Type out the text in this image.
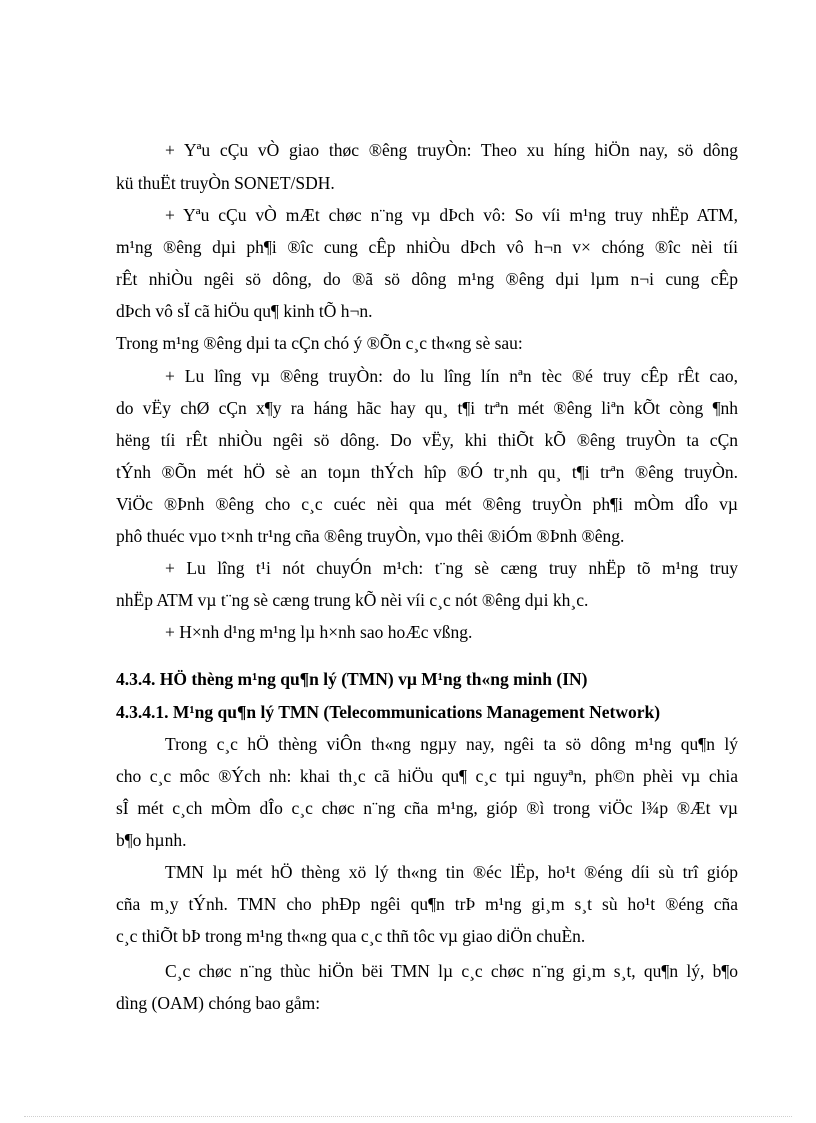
+ Yªu cÇu vÒ giao thøc ®êng truyÒn: Theo xu híng hiÖn nay, sö dông
kü thuËt truyÒn SONET/SDH.
+ Yªu cÇu vÒ mÆt chøc n¨ng vµ dÞch vô: So víi m¹ng truy nhËp ATM,
m¹ng ®êng dµi ph¶i ®îc cung cÊp nhiÒu dÞch vô h¬n v× chóng ®îc nèi tíi
rÊt nhiÒu ngêi sö dông, do ®ã sö dông m¹ng ®êng dµi lµm n¬i cung cÊp
dÞch vô sÏ cã hiÖu qu¶ kinh tÕ h¬n.
Trong m¹ng ®êng dµi ta cÇn chó ý ®Õn c¸c th«ng sè sau:
+ Lu lîng vµ ®êng truyÒn: do lu lîng lín nªn tèc ®é truy cÊp rÊt cao,
do vËy chØ cÇn x¶y ra háng hãc hay qu¸ t¶i trªn mét ®êng liªn kÕt còng ¶nh
hëng tíi rÊt nhiÒu ngêi sö dông. Do vËy, khi thiÕt kÕ ®êng truyÒn ta cÇn
tÝnh ®Õn mét hÖ sè an toµn thÝch hîp ®Ó tr¸nh qu¸ t¶i trªn ®êng truyÒn.
ViÖc ®Þnh ®êng cho c¸c cuéc nèi qua mét ®êng truyÒn ph¶i mÒm dÎo vµ
phô thuéc vµo t×nh tr¹ng cña ®êng truyÒn, vµo thêi ®iÓm ®Þnh ®êng.
+ Lu lîng t¹i nót chuyÓn m¹ch: t¨ng sè cæng truy nhËp tõ m¹ng truy
nhËp ATM vµ t¨ng sè cæng trung kÕ nèi víi c¸c nót ®êng dµi kh¸c.
+ H×nh d¹ng m¹ng lµ h×nh sao hoÆc vßng.
4.3.4. HÖ thèng m¹ng qu¶n lý (TMN) vµ M¹ng th«ng minh (IN)
4.3.4.1. M¹ng qu¶n lý TMN (Telecommunications Management Network)
Trong c¸c hÖ thèng viÔn th«ng ngµy nay, ngêi ta sö dông m¹ng qu¶n lý
cho c¸c môc ®Ých nh: khai th¸c cã hiÖu qu¶ c¸c tµi nguyªn, ph©n phèi vµ chia
sÎ mét c¸ch mÒm dÎo c¸c chøc n¨ng cña m¹ng, gióp ®ì trong viÖc l¾p ®Æt vµ
b¶o hµnh.
TMN lµ mét hÖ thèng xö lý th«ng tin ®éc lËp, ho¹t ®éng díi sù trî gióp
cña m¸y tÝnh. TMN cho phÐp ngêi qu¶n trÞ m¹ng gi¸m s¸t sù ho¹t ®éng cña
c¸c thiÕt bÞ trong m¹ng th«ng qua c¸c thñ tôc vµ giao diÖn chuÈn.
C¸c chøc n¨ng thùc hiÖn bëi TMN lµ c¸c chøc n¨ng gi¸m s¸t, qu¶n lý, b¶o
dìng (OAM) chóng bao gåm:
